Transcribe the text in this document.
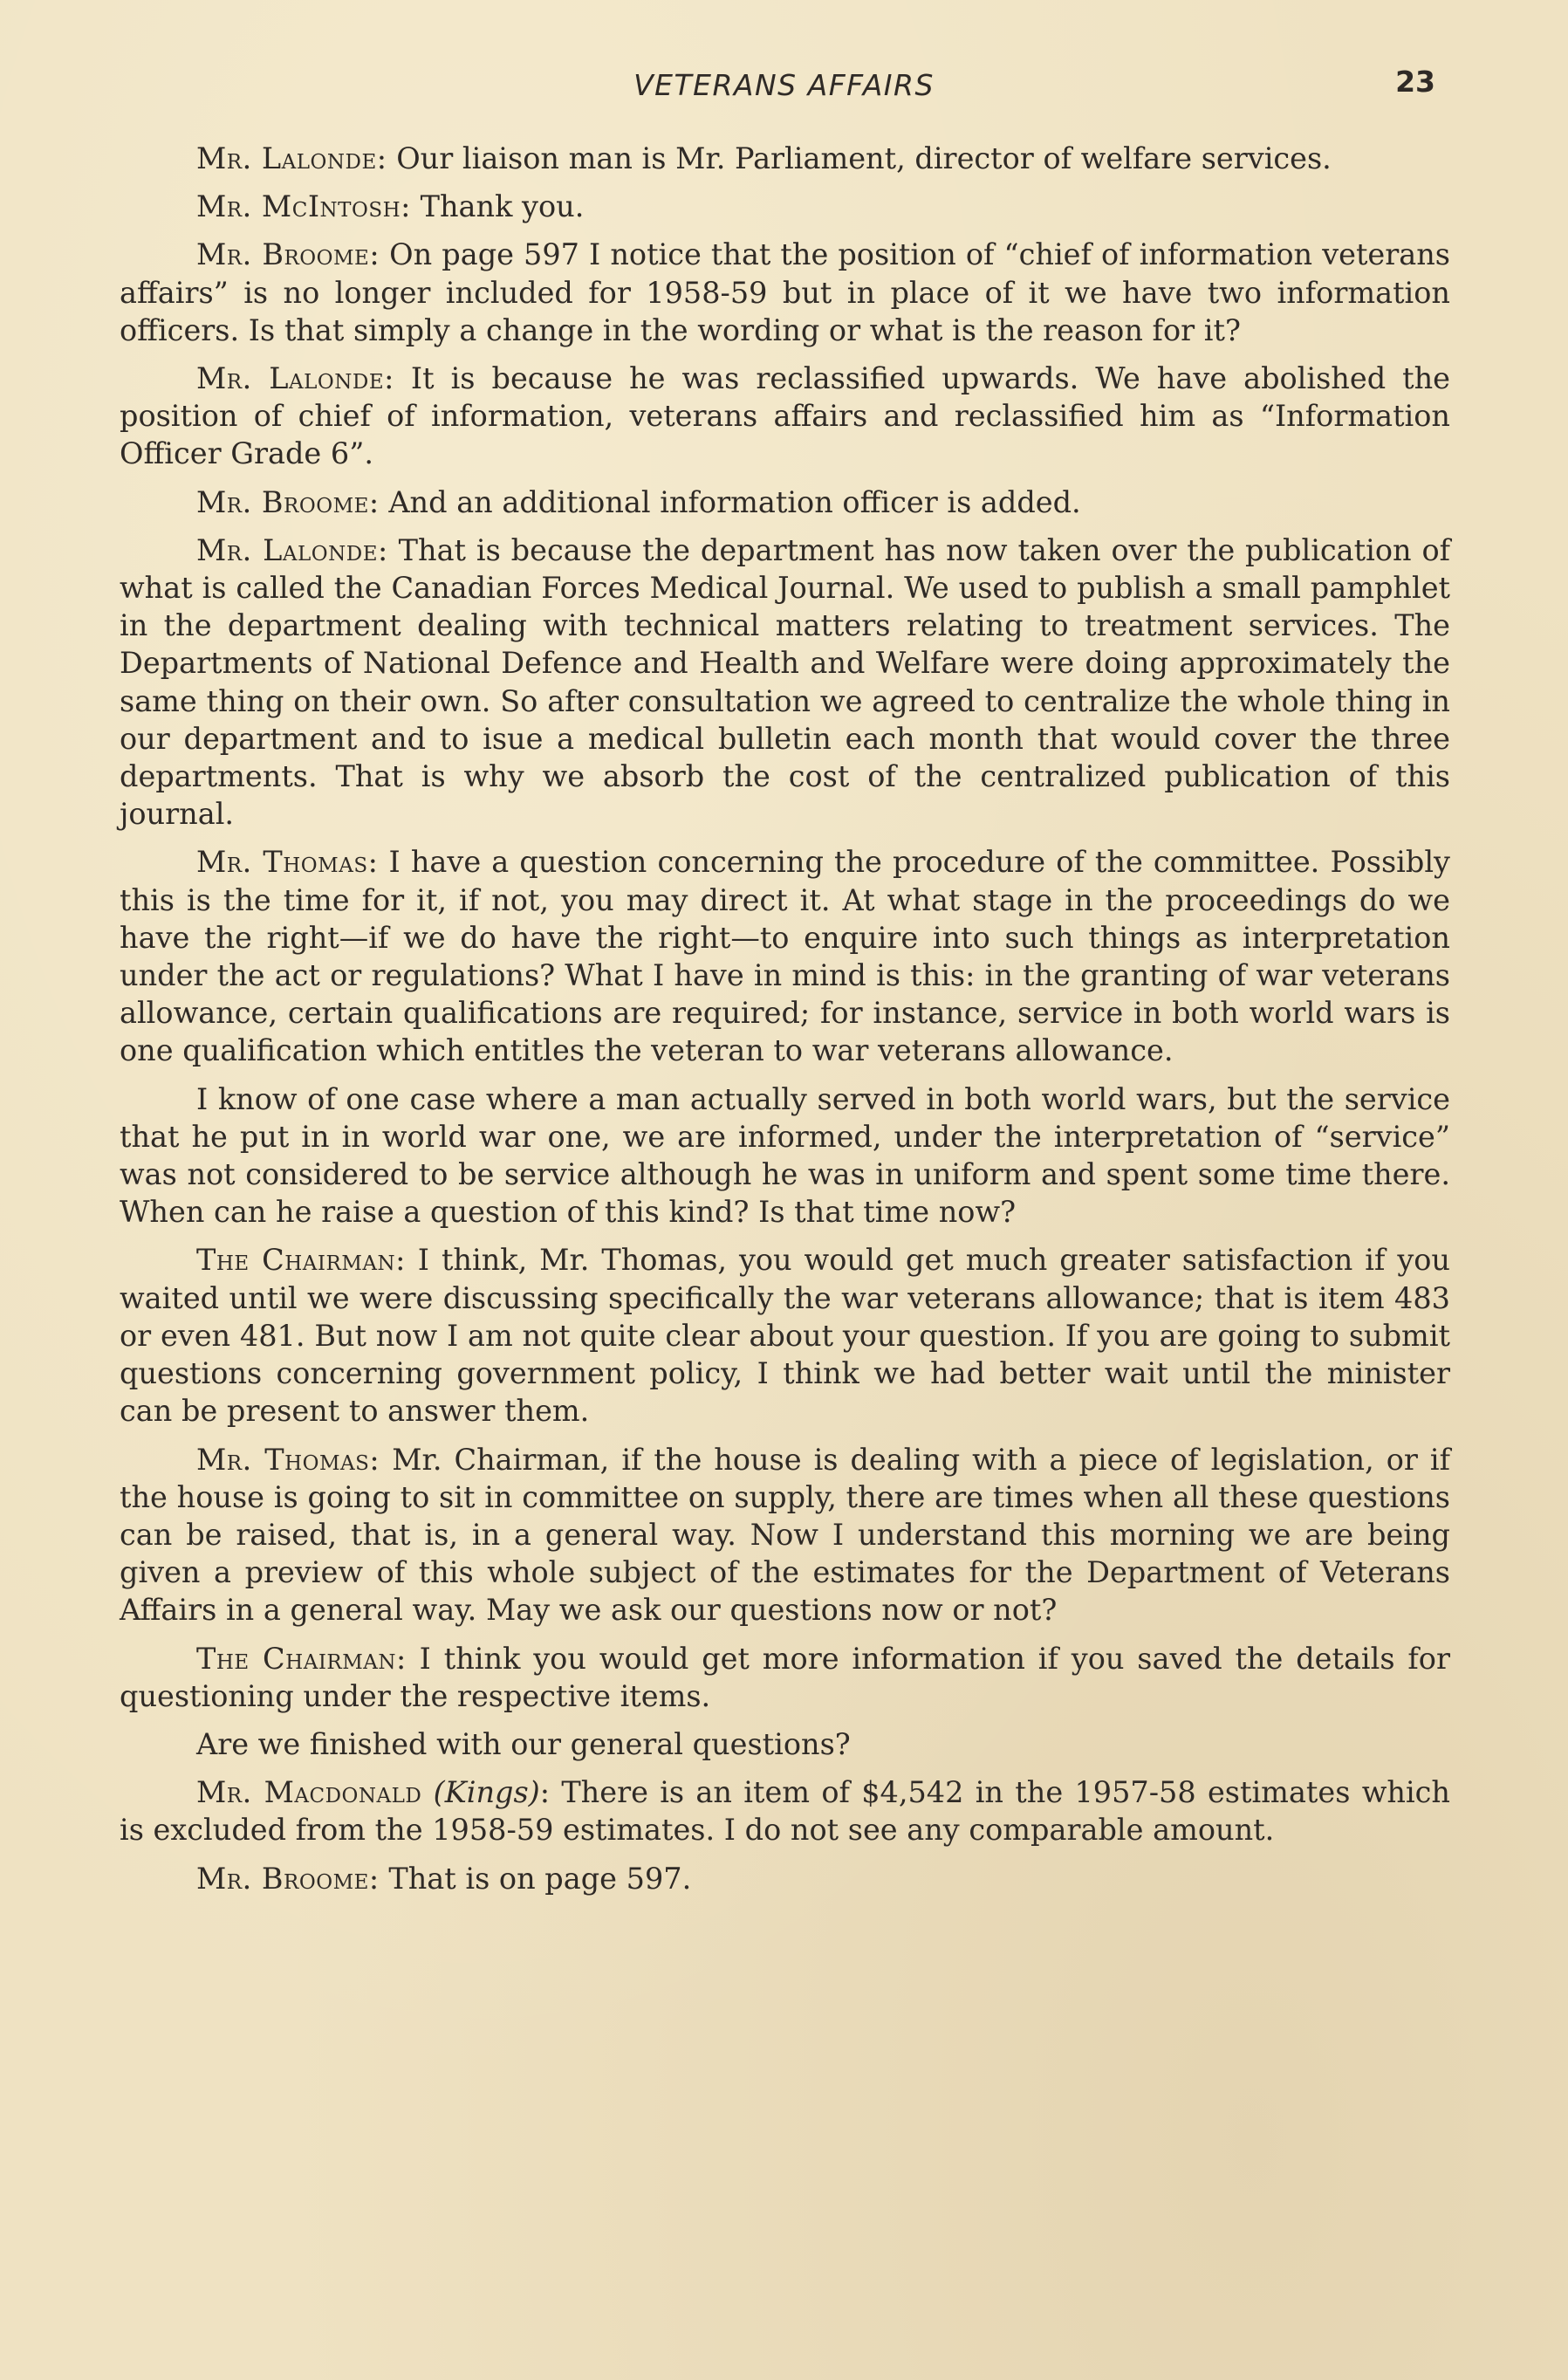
VETERANS AFFAIRS	23

Mr. Lalonde: Our liaison man is Mr. Parliament, director of welfare services.

Mr. McIntosh: Thank you.

Mr. Broome: On page 597 I notice that the position of “chief of information veterans affairs” is no longer included for 1958-59 but in place of it we have two information officers. Is that simply a change in the wording or what is the reason for it?

Mr. Lalonde: It is because he was reclassified upwards. We have abolished the position of chief of information, veterans affairs and reclassified him as “Information Officer Grade 6”.

Mr. Broome: And an additional information officer is added.

Mr. Lalonde: That is because the department has now taken over the publication of what is called the Canadian Forces Medical Journal. We used to publish a small pamphlet in the department dealing with technical matters relating to treatment services. The Departments of National Defence and Health and Welfare were doing approximately the same thing on their own. So after consultation we agreed to centralize the whole thing in our department and to isue a medical bulletin each month that would cover the three departments. That is why we absorb the cost of the centralized publication of this journal.

Mr. Thomas: I have a question concerning the procedure of the committee. Possibly this is the time for it, if not, you may direct it. At what stage in the proceedings do we have the right—if we do have the right—to enquire into such things as interpretation under the act or regulations? What I have in mind is this: in the granting of war veterans allowance, certain qualifications are required; for instance, service in both world wars is one qualification which entitles the veteran to war veterans allowance.

I know of one case where a man actually served in both world wars, but the service that he put in in world war one, we are informed, under the interpretation of “service” was not considered to be service although he was in uniform and spent some time there. When can he raise a question of this kind? Is that time now?

The Chairman: I think, Mr. Thomas, you would get much greater satisfaction if you waited until we were discussing specifically the war veterans allowance; that is item 483 or even 481. But now I am not quite clear about your question. If you are going to submit questions concerning government policy, I think we had better wait until the minister can be present to answer them.

Mr. Thomas: Mr. Chairman, if the house is dealing with a piece of legislation, or if the house is going to sit in committee on supply, there are times when all these questions can be raised, that is, in a general way. Now I understand this morning we are being given a preview of this whole subject of the estimates for the Department of Veterans Affairs in a general way. May we ask our questions now or not?

The Chairman: I think you would get more information if you saved the details for questioning under the respective items.

Are we finished with our general questions?

Mr. Macdonald (Kings): There is an item of $4,542 in the 1957-58 estimates which is excluded from the 1958-59 estimates. I do not see any comparable amount.

Mr. Broome: That is on page 597.
